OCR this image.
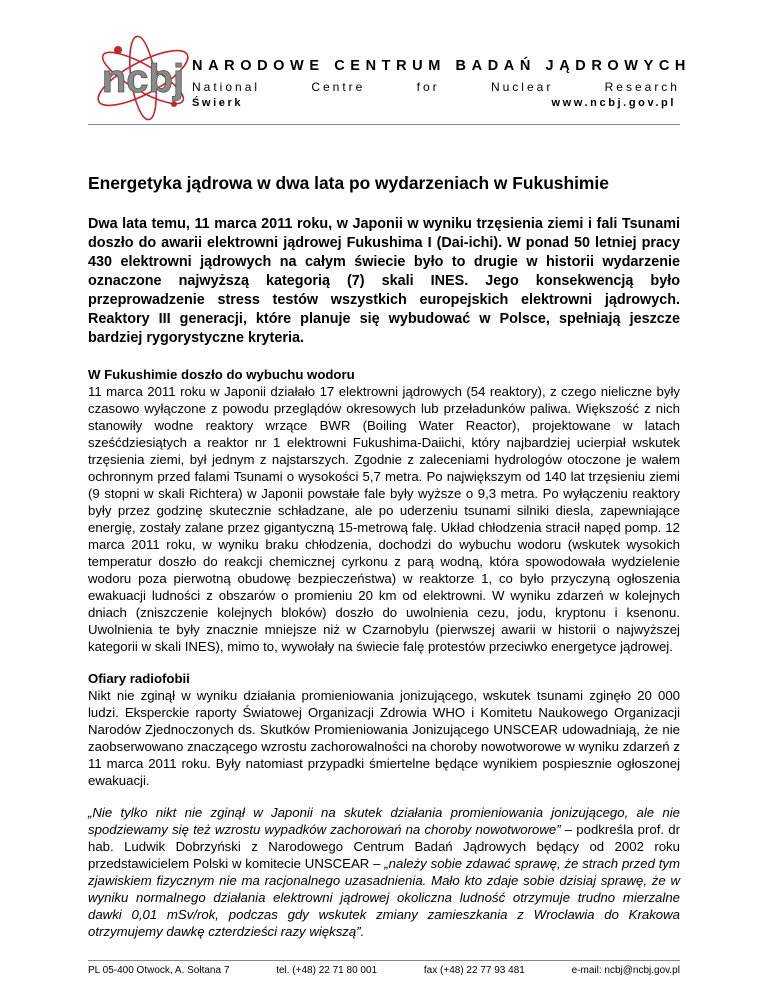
ncbj NARODOWE CENTRUM BADAŃ JĄDROWYCH
National	Centre	for	Nuclear	Research
Świerk	www.ncbj.gov.pl
Energetyka jądrowa w dwa lata po wydarzeniach w Fukushimie

Dwa lata temu, 11 marca 2011 roku, w Japonii w wyniku trzęsienia ziemi i fali Tsunami doszło do awarii elektrowni jądrowej Fukushima I (Dai-ichi). W ponad 50 letniej pracy 430 elektrowni jądrowych na całym świecie było to drugie w historii wydarzenie oznaczone najwyższą kategorią (7) skali INES. Jego konsekwencją było przeprowadzenie stress testów wszystkich europejskich elektrowni jądrowych. Reaktory III generacji, które planuje się wybudować w Polsce, spełniają jeszcze bardziej rygorystyczne kryteria.

W Fukushimie doszło do wybuchu wodoru

11 marca 2011 roku w Japonii działało 17 elektrowni jądrowych (54 reaktory), z czego nieliczne były czasowo wyłączone z powodu przeglądów okresowych lub przeładunków paliwa. Większość z nich stanowiły wodne reaktory wrzące BWR (Boiling Water Reactor), projektowane w latach sześćdziesiątych a reaktor nr 1 elektrowni Fukushima-Daiichi, który najbardziej ucierpiał wskutek trzęsienia ziemi, był jednym z najstarszych. Zgodnie z zaleceniami hydrologów otoczone je wałem ochronnym przed falami Tsunami o wysokości 5,7 metra. Po największym od 140 lat trzęsieniu ziemi (9 stopni w skali Richtera) w Japonii powstałe fale były wyższe o 9,3 metra. Po wyłączeniu reaktory były przez godzinę skutecznie schładzane, ale po uderzeniu tsunami silniki diesla, zapewniające energię, zostały zalane przez gigantyczną 15-metrową falę. Układ chłodzenia stracił napęd pomp. 12 marca 2011 roku, w wyniku braku chłodzenia, dochodzi do wybuchu wodoru (wskutek wysokich temperatur doszło do reakcji chemicznej cyrkonu z parą wodną, która spowodowała wydzielenie wodoru poza pierwotną obudowę bezpieczeństwa) w reaktorze 1, co było przyczyną ogłoszenia ewakuacji ludności z obszarów o promieniu 20 km od elektrowni. W wyniku zdarzeń w kolejnych dniach (zniszczenie kolejnych bloków) doszło do uwolnienia cezu, jodu, kryptonu i ksenonu. Uwolnienia te były znacznie mniejsze niż w Czarnobylu (pierwszej awarii w historii o najwyższej kategorii w skali INES), mimo to, wywołały na świecie falę protestów przeciwko energetyce jądrowej.

Ofiary radiofobii

Nikt nie zginął w wyniku działania promieniowania jonizującego, wskutek tsunami zginęło 20 000 ludzi. Eksperckie raporty Światowej Organizacji Zdrowia WHO i Komitetu Naukowego Organizacji Narodów Zjednoczonych ds. Skutków Promieniowania Jonizującego UNSCEAR udowadniają, że nie zaobserwowano znaczącego wzrostu zachorowalności na choroby nowotworowe w wyniku zdarzeń z 11 marca 2011 roku. Były natomiast przypadki śmiertelne będące wynikiem pospiesznie ogłoszonej ewakuacji.

„Nie tylko nikt nie zginął w Japonii na skutek działania promieniowania jonizującego, ale nie spodziewamy się też wzrostu wypadków zachorowań na choroby nowotworowe” – podkreśla prof. dr hab. Ludwik Dobrzyński z Narodowego Centrum Badań Jądrowych będący od 2002 roku przedstawicielem Polski w komitecie UNSCEAR – „należy sobie zdawać sprawę, że strach przed tym zjawiskiem fizycznym nie ma racjonalnego uzasadnienia. Mało kto zdaje sobie dzisiaj sprawę, że w wyniku normalnego działania elektrowni jądrowej okoliczna ludność otrzymuje trudno mierzalne dawki 0,01 mSv/rok, podczas gdy wskutek zmiany zamieszkania z Wrocławia do Krakowa otrzymujemy dawkę czterdzieści razy większą”.

PL 05-400 Otwock, A. Sołtana 7	tel. (+48) 22 71 80 001	fax (+48) 22 77 93 481	e-mail: ncbj@ncbj.gov.pl
